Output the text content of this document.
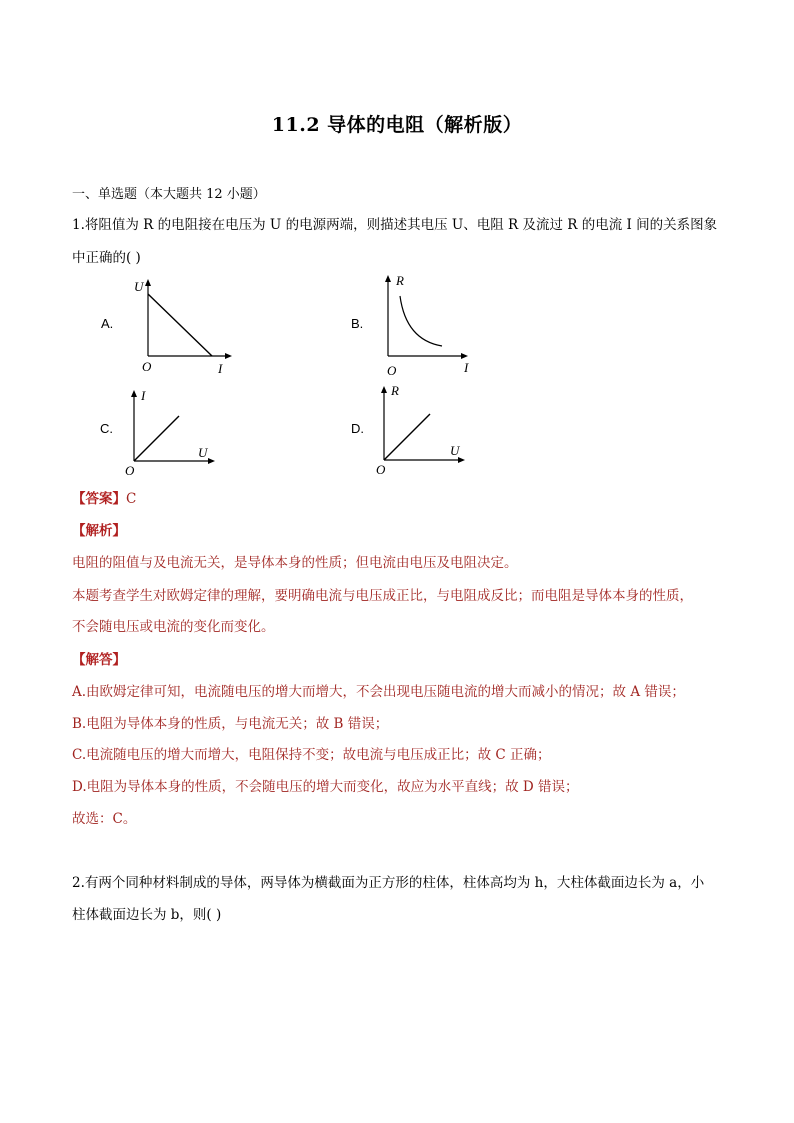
11.2 导体的电阻（解析版）
一、单选题（本大题共 12 小题）
1.将阻值为 R 的电阻接在电压为 U 的电源两端，则描述其电压 U、电阻 R 及流过 R 的电流 I 间的关系图象
中正确的( )
A.
U
O	I
B.
R
O	I
C.
I
O
U
D.
R
O
U
【答案】C
【解析】
电阻的阻值与及电流无关，是导体本身的性质；但电流由电压及电阻决定。
本题考查学生对欧姆定律的理解，要明确电流与电压成正比，与电阻成反比；而电阻是导体本身的性质，
不会随电压或电流的变化而变化。
【解答】
A.由欧姆定律可知，电流随电压的增大而增大，不会出现电压随电流的增大而减小的情况；故 A 错误；
B.电阻为导体本身的性质，与电流无关；故 B 错误；
C.电流随电压的增大而增大，电阻保持不变；故电流与电压成正比；故 C 正确；
D.电阻为导体本身的性质，不会随电压的增大而变化，故应为水平直线；故 D 错误；
故选：C。
2.有两个同种材料制成的导体，两导体为横截面为正方形的柱体，柱体高均为 h，大柱体截面边长为 a，小
柱体截面边长为 b，则( )
